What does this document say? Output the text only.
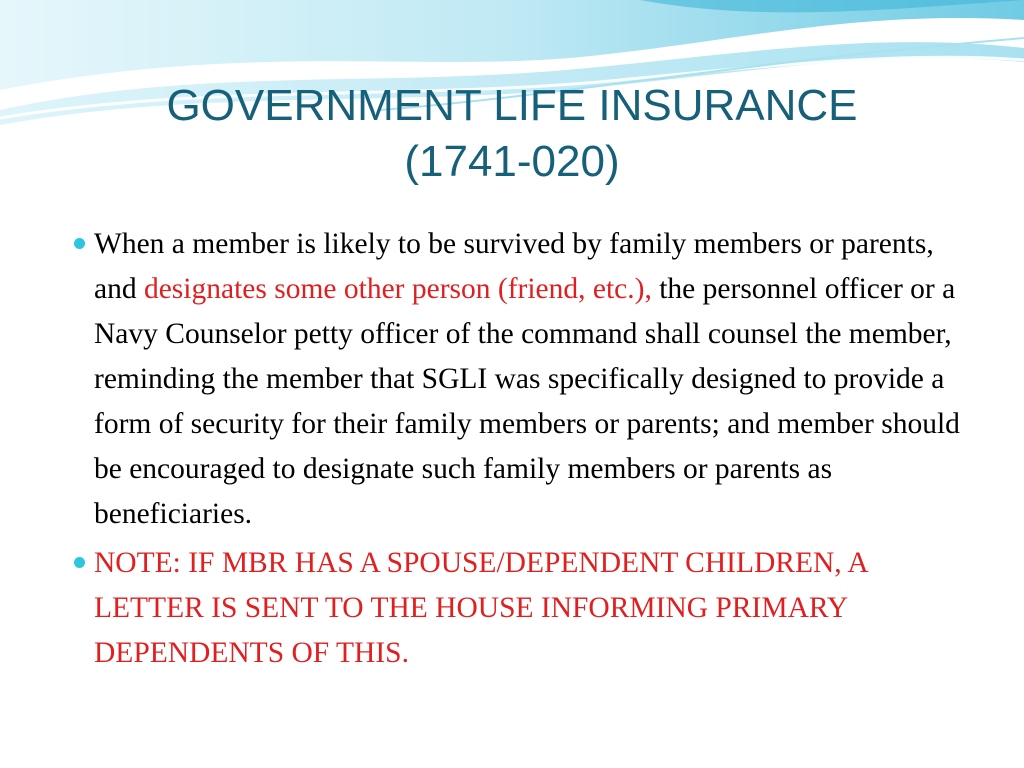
GOVERNMENT LIFE INSURANCE
(1741-020)

When a member is likely to be survived by family members or parents, and designates some other person (friend, etc.), the personnel officer or a Navy Counselor petty officer of the command shall counsel the member, reminding the member that SGLI was specifically designed to provide a form of security for their family members or parents; and member should be encouraged to designate such family members or parents as beneficiaries.

NOTE: IF MBR HAS A SPOUSE/DEPENDENT CHILDREN, A LETTER IS SENT TO THE HOUSE INFORMING PRIMARY DEPENDENTS OF THIS.
